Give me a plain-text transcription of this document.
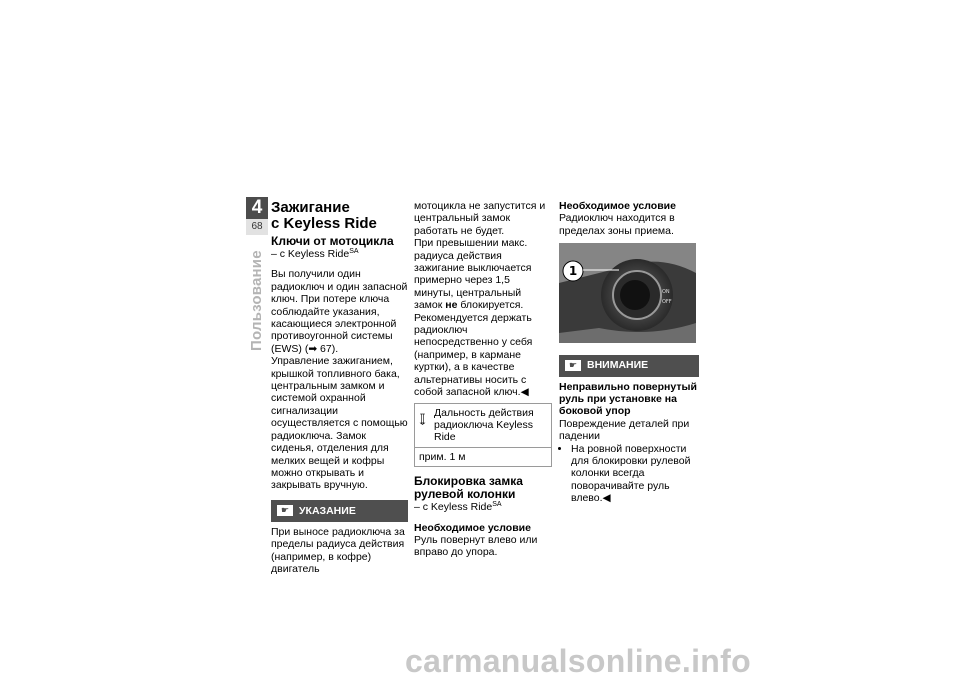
4
68
Пользование
Зажигание
с Keyless Ride
Ключи от мотоцикла

– с Keyless Ride$^{SA}$

Вы получили один радиоключ и один запасной ключ. При потере ключа соблюдайте указания, касающиеся электронной противоугонной системы (EWS) (➡ 67).

Управление зажиганием, крышкой топливного бака, центральным замком и системой охранной сигнализации осуществляется с помощью радиоключа. Замок сиденья, отделения для мелких вещей и кофры можно открывать и закрывать вручную.

☛ УКАЗАНИЕ

При выносе радиоключа за пределы радиуса действия (например, в кофре) двигатель

мотоцикла не запустится и центральный замок работать не будет.

При превышении макс. радиуса действия зажигание выключается примерно через 1,5 минуты, центральный замок не блокируется.

Рекомендуется держать радиоключ непосредственно у себя (например, в кармане куртки), а в качестве альтернативы носить с собой запасной ключ.◀

Дальность действия радиоключа Keyless Ride
прим. 1 м
Блокировка замка рулевой колонки

– с Keyless Ride$^{SA}$

Необходимое условие

Руль повернут влево или вправо до упора.

Необходимое условие

Радиоключ находится в пределах зоны приема.

ON
OFF
1
☛ ВНИМАНИЕ
Неправильно повернутый руль при установке на боковой упор

Повреждение деталей при падении

• На ровной поверхности для блокировки рулевой колонки всегда поворачивайте руль влево.◀
carmanualsonline.info
